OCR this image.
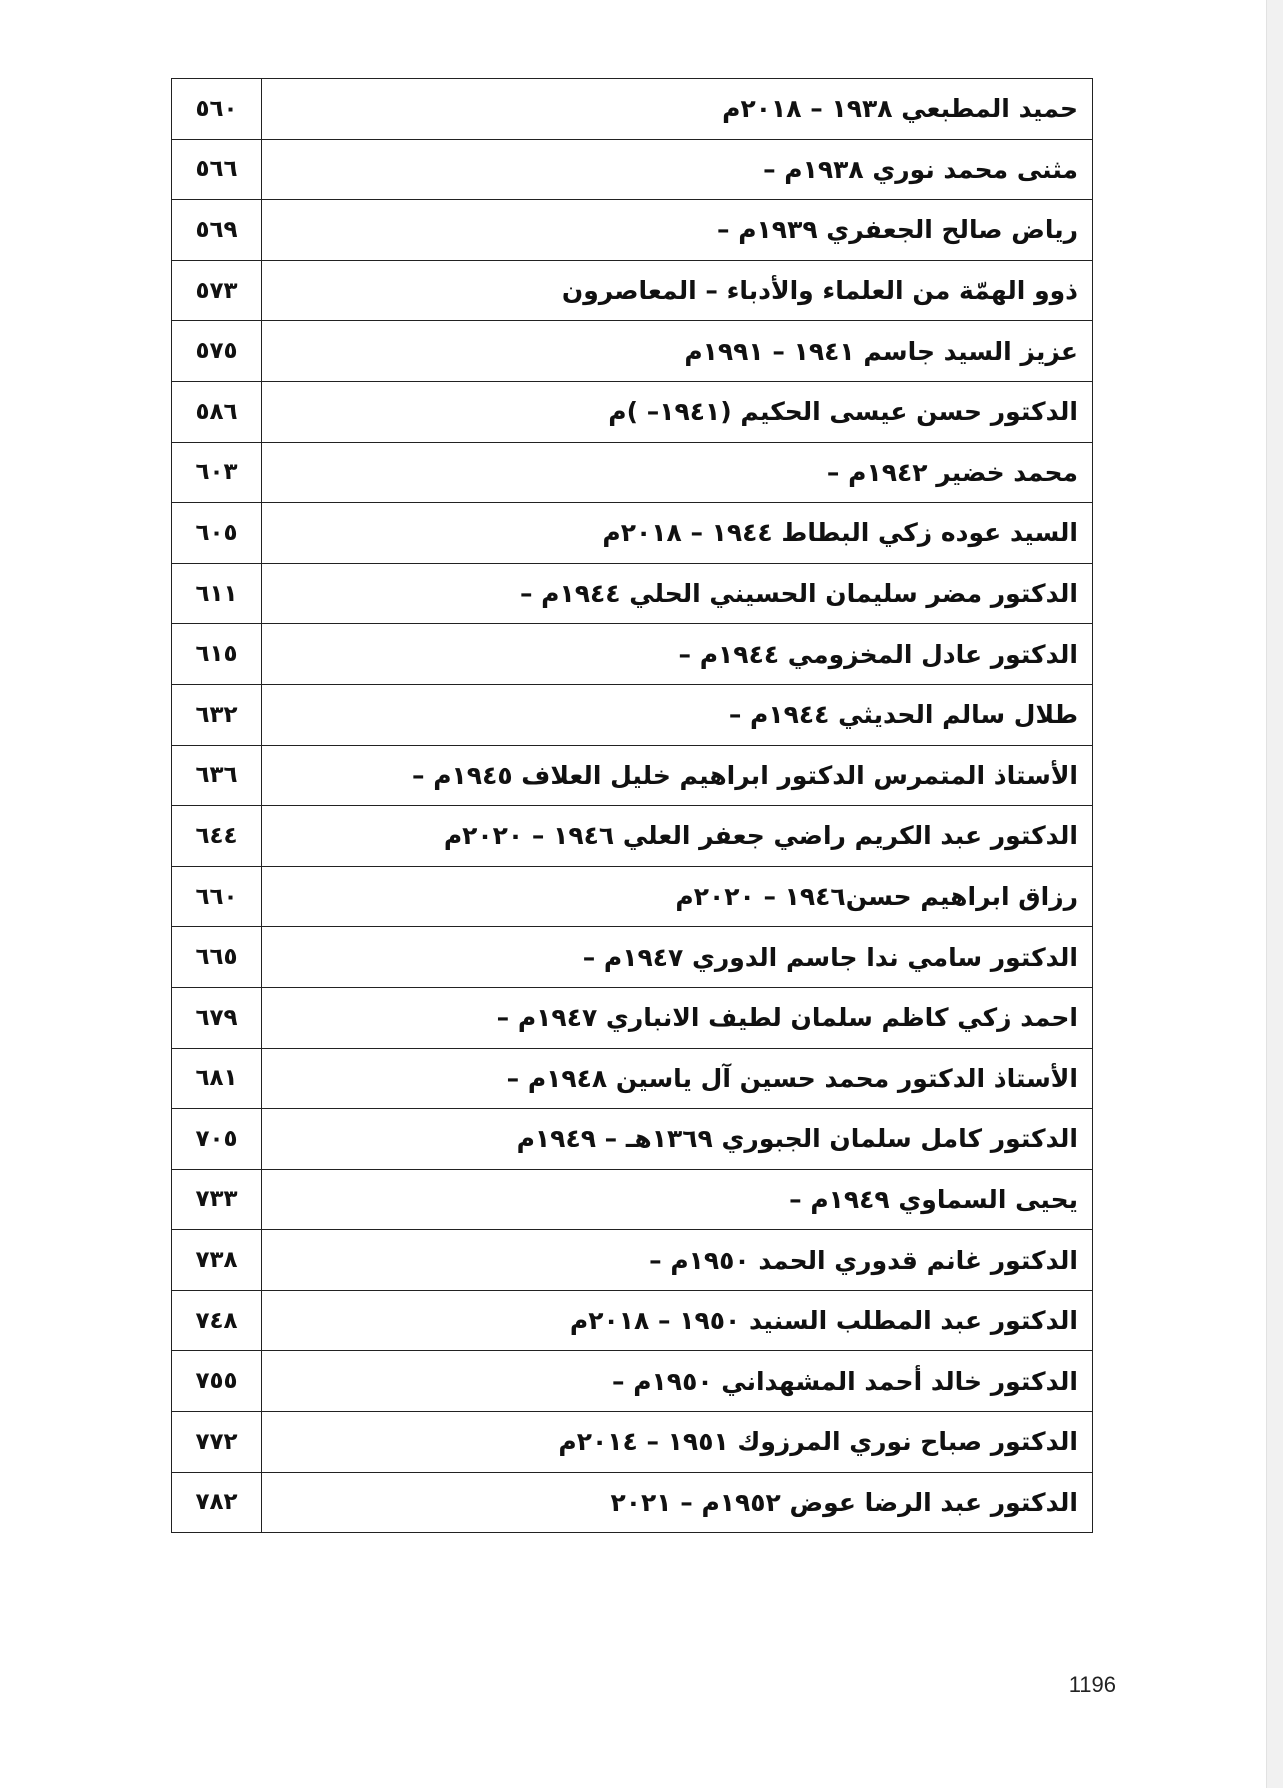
حميد المطبعي ١٩٣٨ – ٢٠١٨م	٥٦٠
مثنى محمد نوري ١٩٣٨م –	٥٦٦
رياض صالح الجعفري ١٩٣٩م –	٥٦٩
ذوو الهمّة من العلماء والأدباء – المعاصرون	٥٧٣
عزيز السيد جاسم ١٩٤١ – ١٩٩١م	٥٧٥
الدكتور حسن عيسى الحكيم (١٩٤١– )م	٥٨٦
محمد خضير ١٩٤٢م –	٦٠٣
السيد عوده زكي البطاط ١٩٤٤ – ٢٠١٨م	٦٠٥
الدكتور مضر سليمان الحسيني الحلي ١٩٤٤م –	٦١١
الدكتور عادل المخزومي ١٩٤٤م –	٦١٥
طلال سالم الحديثي ١٩٤٤م –	٦٣٢
الأستاذ المتمرس الدكتور ابراهيم خليل العلاف ١٩٤٥م –	٦٣٦
الدكتور عبد الكريم راضي جعفر العلي ١٩٤٦ – ٢٠٢٠م	٦٤٤
رزاق ابراهيم حسن١٩٤٦ – ٢٠٢٠م	٦٦٠
الدكتور سامي ندا جاسم الدوري ١٩٤٧م –	٦٦٥
احمد زكي كاظم سلمان لطيف الانباري ١٩٤٧م –	٦٧٩
الأستاذ الدكتور محمد حسين آل ياسين ١٩٤٨م –	٦٨١
الدكتور كامل سلمان الجبوري ١٣٦٩هـ – ١٩٤٩م	٧٠٥
يحيى السماوي ١٩٤٩م –	٧٣٣
الدكتور غانم قدوري الحمد ١٩٥٠م –	٧٣٨
الدكتور عبد المطلب السنيد ١٩٥٠ – ٢٠١٨م	٧٤٨
الدكتور خالد أحمد المشهداني ١٩٥٠م –	٧٥٥
الدكتور صباح نوري المرزوك ١٩٥١ – ٢٠١٤م	٧٧٢
الدكتور عبد الرضا عوض ١٩٥٢م – ٢٠٢١	٧٨٢
1196
